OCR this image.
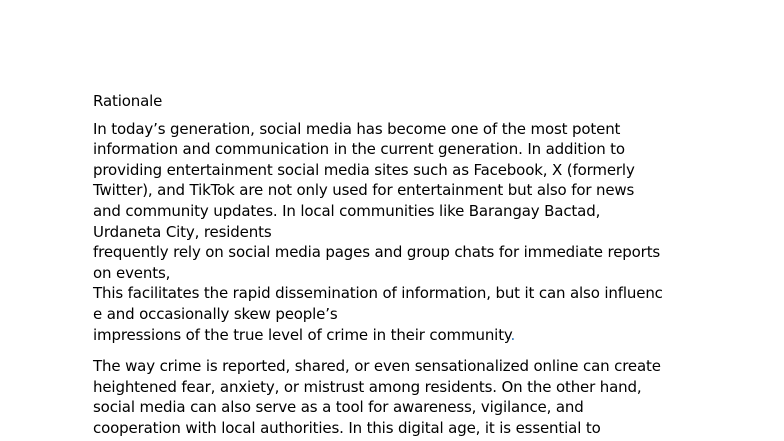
Rationale

In today’s generation, social media has become one of the most potent
information and communication in the current generation. In addition to
providing entertainment social media sites such as Facebook, X (formerly
Twitter), and TikTok are not only used for entertainment but also for news
and community updates. In local communities like Barangay Bactad,
Urdaneta City, residents
frequently rely on social media pages and group chats for immediate reports
on events,
This facilitates the rapid dissemination of information, but it can also influenc
e and occasionally skew people’s
impressions of the true level of crime in their community.

The way crime is reported, shared, or even sensationalized online can create
heightened fear, anxiety, or mistrust among residents. On the other hand,
social media can also serve as a tool for awareness, vigilance, and
cooperation with local authorities. In this digital age, it is essential to
